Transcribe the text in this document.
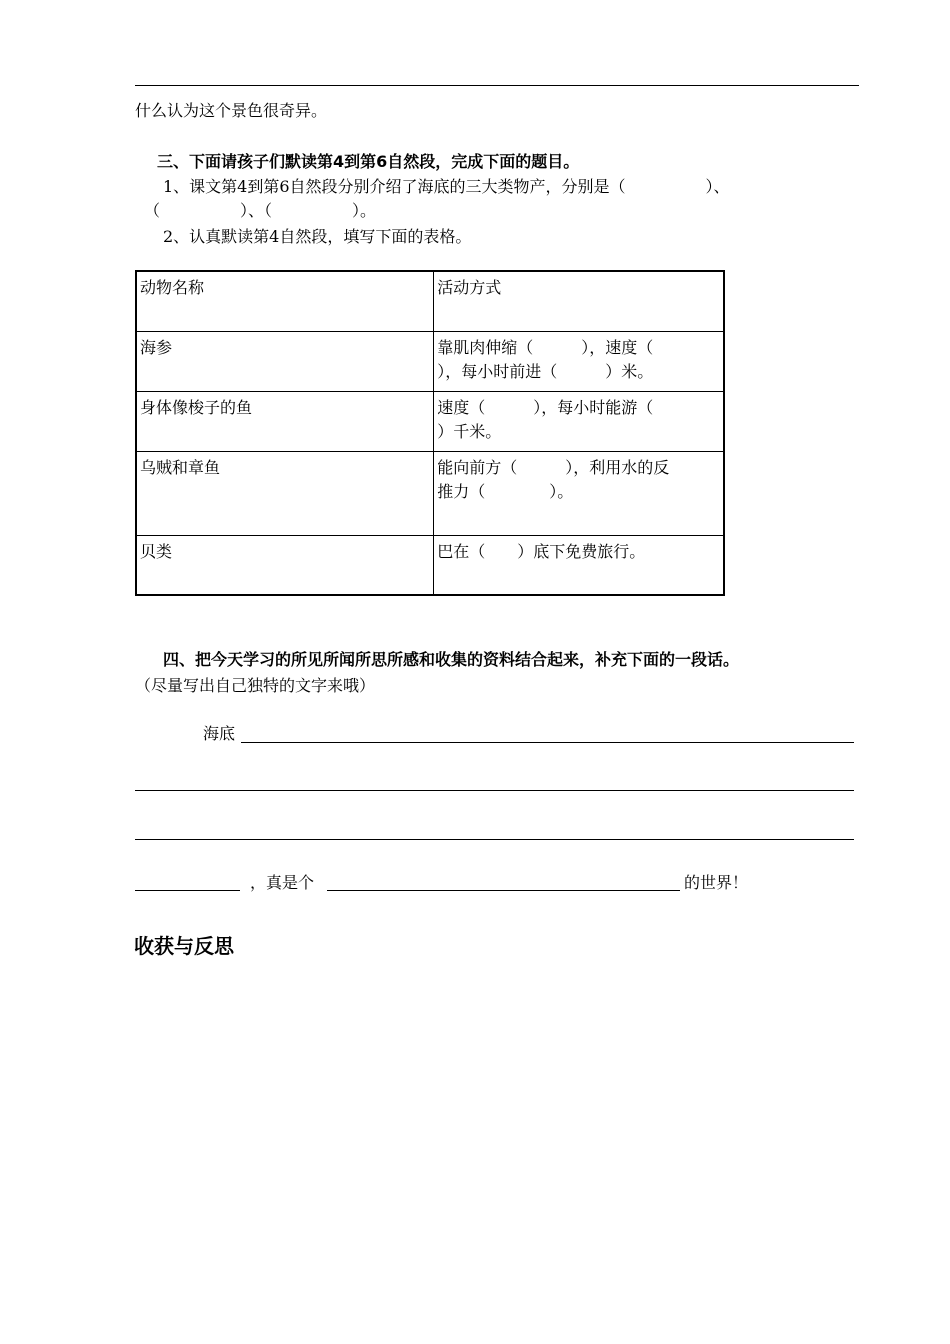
什么认为这个景色很奇异。
三、下面请孩子们默读第4到第6自然段，完成下面的题目。
1、课文第4到第6自然段分别介绍了海底的三大类物产，分别是（　　　　　）、
（　　　　　）、（　　　　　）。
2、认真默读第4自然段，填写下面的表格。
动物名称	活动方式
海参	靠肌肉伸缩（　　　），速度（
），每小时前进（　　　）米。

身体像梭子的鱼	速度（　　　），每小时能游（
）千米。

乌贼和章鱼	能向前方（　　　），利用水的反
推力（　　　　）。

贝类	巴在（　　）底下免费旅行。
四、把今天学习的所见所闻所思所感和收集的资料结合起来，补充下面的一段话。
（尽量写出自己独特的文字来哦）
海底
，真是个	的世界！
收获与反思
